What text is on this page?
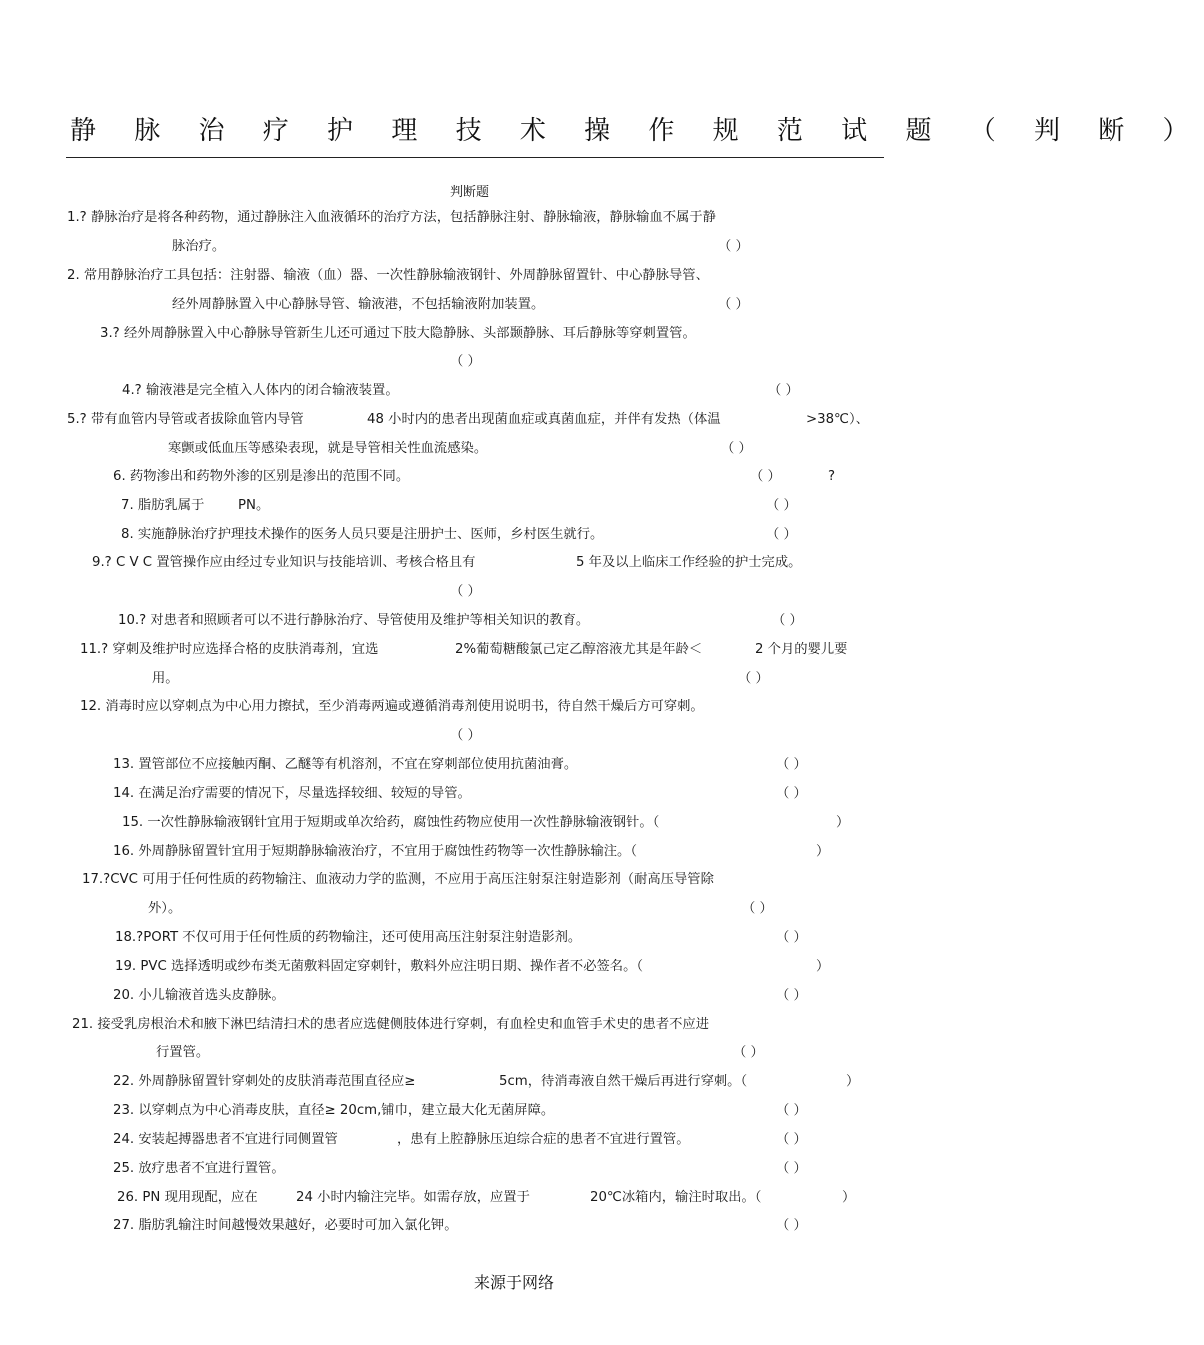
静 脉 治 疗 护 理 技 术 操 作 规 范 试 题 （ 判 断 ）
判断题
1.? 静脉治疗是将各种药物，通过静脉注入血液循环的治疗方法，包括静脉注射、静脉输液，静脉输血不属于静
脉治疗。	（ ）
2. 常用静脉治疗工具包括：注射器、输液（血）器、一次性静脉输液钢针、外周静脉留置针、中心静脉导管、
经外周静脉置入中心静脉导管、输液港，不包括输液附加装置。	（ ）
3.? 经外周静脉置入中心静脉导管新生儿还可通过下肢大隐静脉、头部颞静脉、耳后静脉等穿刺置管。
（ ）
4.? 输液港是完全植入人体内的闭合输液装置。	（ ）
5.? 带有血管内导管或者拔除血管内导管	48 小时内的患者出现菌血症或真菌血症，并伴有发热（体温	>38℃）、
寒颤或低血压等感染表现，就是导管相关性血流感染。	（ ）
6. 药物渗出和药物外渗的区别是渗出的范围不同。	（ ）	?
7. 脂肪乳属于	PN。	（ ）
8. 实施静脉治疗护理技术操作的医务人员只要是注册护士、医师，乡村医生就行。	（ ）
9.? C V C 置管操作应由经过专业知识与技能培训、考核合格且有	5 年及以上临床工作经验的护士完成。
（ ）
10.? 对患者和照顾者可以不进行静脉治疗、导管使用及维护等相关知识的教育。	（ ）
11.? 穿刺及维护时应选择合格的皮肤消毒剂，宜选	2%葡萄糖酸氯己定乙醇溶液尤其是年龄＜	2 个月的婴儿要
用。	（ ）
12. 消毒时应以穿刺点为中心用力擦拭，至少消毒两遍或遵循消毒剂使用说明书，待自然干燥后方可穿刺。
（ ）
13. 置管部位不应接触丙酮、乙醚等有机溶剂，不宜在穿刺部位使用抗菌油膏。	（ ）
14. 在满足治疗需要的情况下，尽量选择较细、较短的导管。	（ ）
15. 一次性静脉输液钢针宜用于短期或单次给药，腐蚀性药物应使用一次性静脉输液钢针。（	）
16. 外周静脉留置针宜用于短期静脉输液治疗，不宜用于腐蚀性药物等一次性静脉输注。（	）
17.?CVC 可用于任何性质的药物输注、血液动力学的监测，不应用于高压注射泵注射造影剂（耐高压导管除
外）。	（ ）
18.?PORT 不仅可用于任何性质的药物输注，还可使用高压注射泵注射造影剂。	（ ）
19. PVC 选择透明或纱布类无菌敷料固定穿刺针，敷料外应注明日期、操作者不必签名。（	）
20. 小儿输液首选头皮静脉。	（ ）
21. 接受乳房根治术和腋下淋巴结清扫术的患者应选健侧肢体进行穿刺，有血栓史和血管手术史的患者不应进
行置管。	（ ）
22. 外周静脉留置针穿刺处的皮肤消毒范围直径应≥	5cm，待消毒液自然干燥后再进行穿刺。（	）
23. 以穿刺点为中心消毒皮肤，直径≥ 20cm,铺巾，建立最大化无菌屏障。	（ ）
24. 安装起搏器患者不宜进行同侧置管	，患有上腔静脉压迫综合症的患者不宜进行置管。	（ ）
25. 放疗患者不宜进行置管。	（ ）
26. PN 现用现配，应在	24 小时内输注完毕。如需存放，应置于	20℃冰箱内，输注时取出。（	）
27. 脂肪乳输注时间越慢效果越好，必要时可加入氯化钾。	（ ）
来源于网络
